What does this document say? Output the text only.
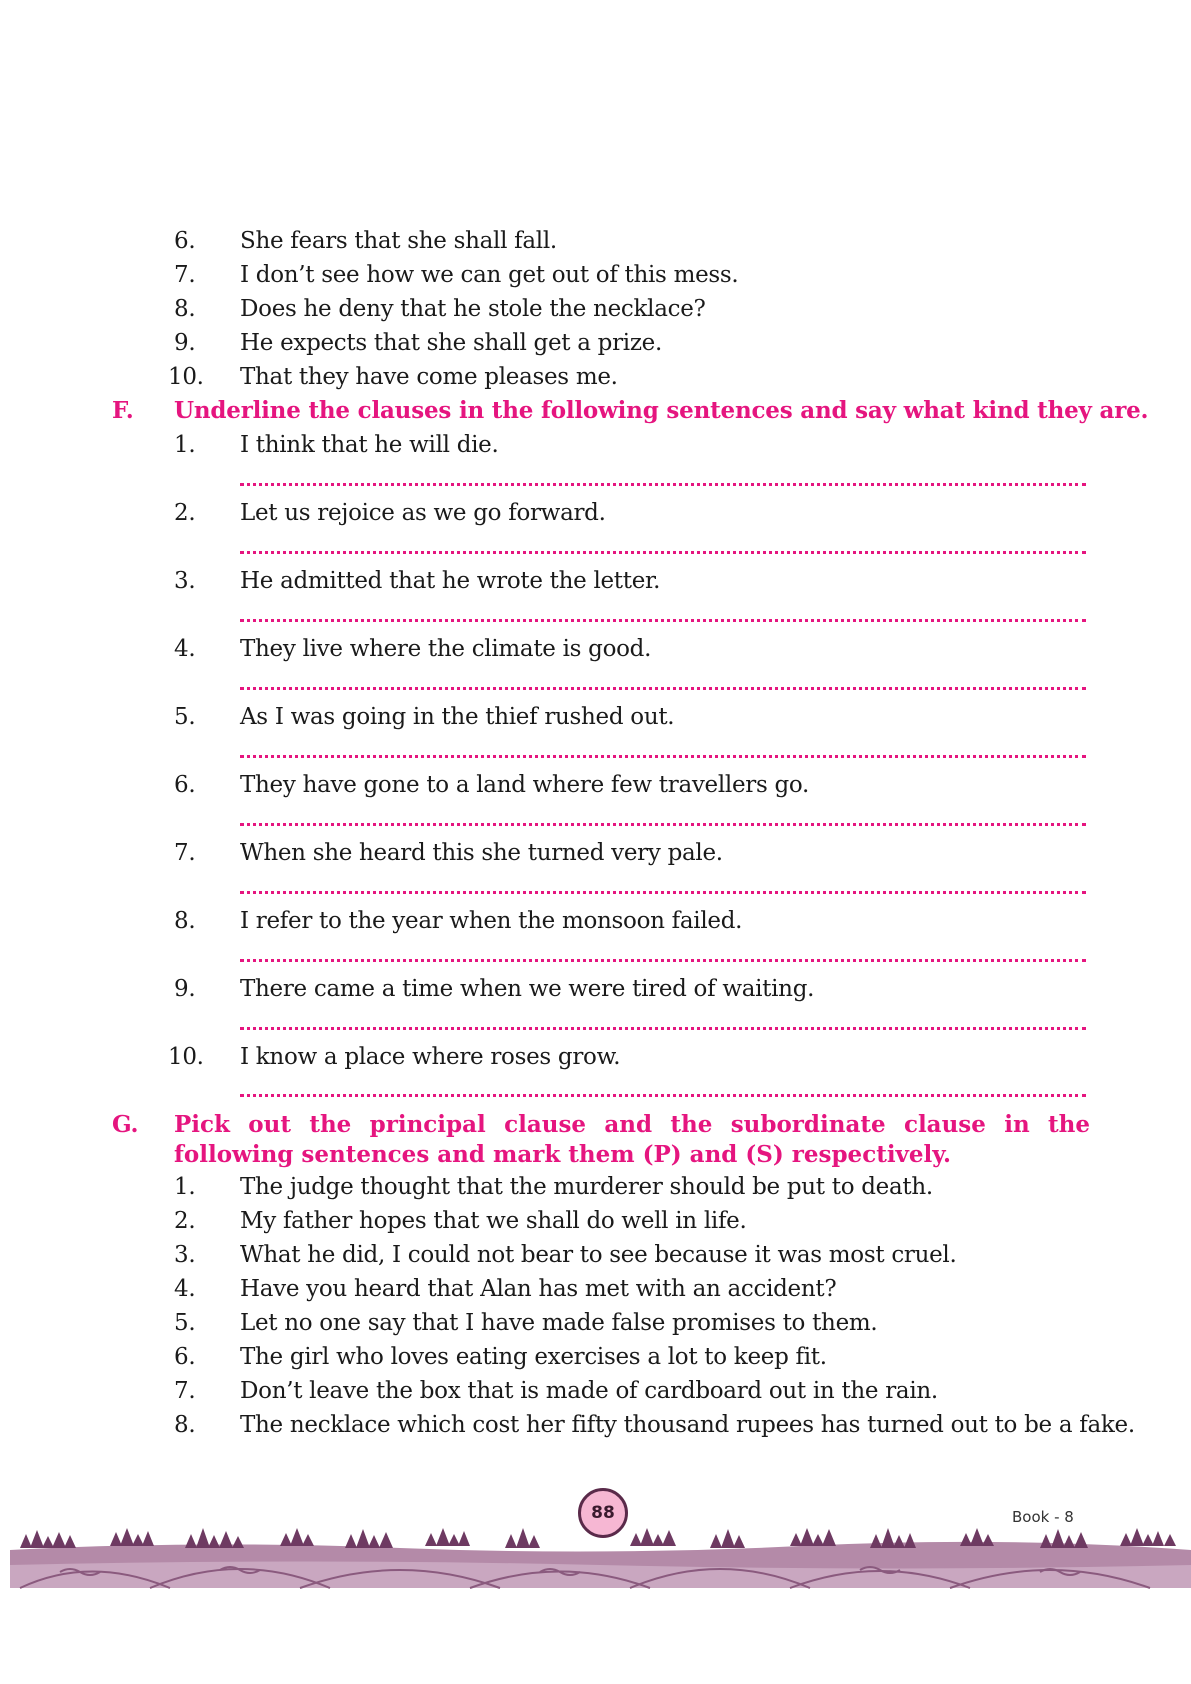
6. She fears that she shall fall.
7. I don’t see how we can get out of this mess.
8. Does he deny that he stole the necklace?
9. He expects that she shall get a prize.
10. That they have come pleases me.
F. Underline the clauses in the following sentences and say what kind they are.
1. I think that he will die.
2. Let us rejoice as we go forward.
3. He admitted that he wrote the letter.
4. They live where the climate is good.
5. As I was going in the thief rushed out.
6. They have gone to a land where few travellers go.
7. When she heard this she turned very pale.
8. I refer to the year when the monsoon failed.
9. There came a time when we were tired of waiting.
10. I know a place where roses grow.
G. Pick out the principal clause and the subordinate clause in the following sentences and mark them (P) and (S) respectively.
1. The judge thought that the murderer should be put to death.
2. My father hopes that we shall do well in life.
3. What he did, I could not bear to see because it was most cruel.
4. Have you heard that Alan has met with an accident?
5. Let no one say that I have made false promises to them.
6. The girl who loves eating exercises a lot to keep fit.
7. Don’t leave the box that is made of cardboard out in the rain.
8. The necklace which cost her fifty thousand rupees has turned out to be a fake.
88	Book - 8
